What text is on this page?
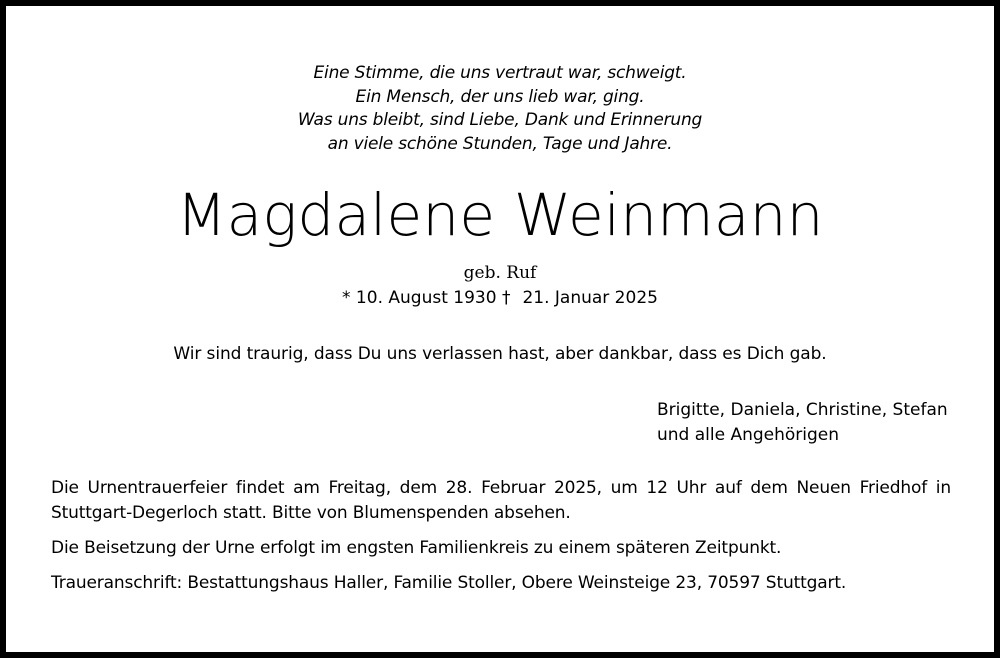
Eine Stimme, die uns vertraut war, schweigt.
Ein Mensch, der uns lieb war, ging.
Was uns bleibt, sind Liebe, Dank und Erinnerung
an viele schöne Stunden, Tage und Jahre.
Magdalene Weinmann
geb. Ruf
* 10. August 1930 † 21. Januar 2025
Wir sind traurig, dass Du uns verlassen hast, aber dankbar, dass es Dich gab.
Brigitte, Daniela, Christine, Stefan
und alle Angehörigen

Die Urnentrauerfeier findet am Freitag, dem 28. Februar 2025, um 12 Uhr auf dem Neuen Friedhof in Stuttgart-Degerloch statt. Bitte von Blumenspenden absehen.

Die Beisetzung der Urne erfolgt im engsten Familienkreis zu einem späteren Zeitpunkt.

Traueranschrift: Bestattungshaus Haller, Familie Stoller, Obere Weinsteige 23, 70597 Stuttgart.
